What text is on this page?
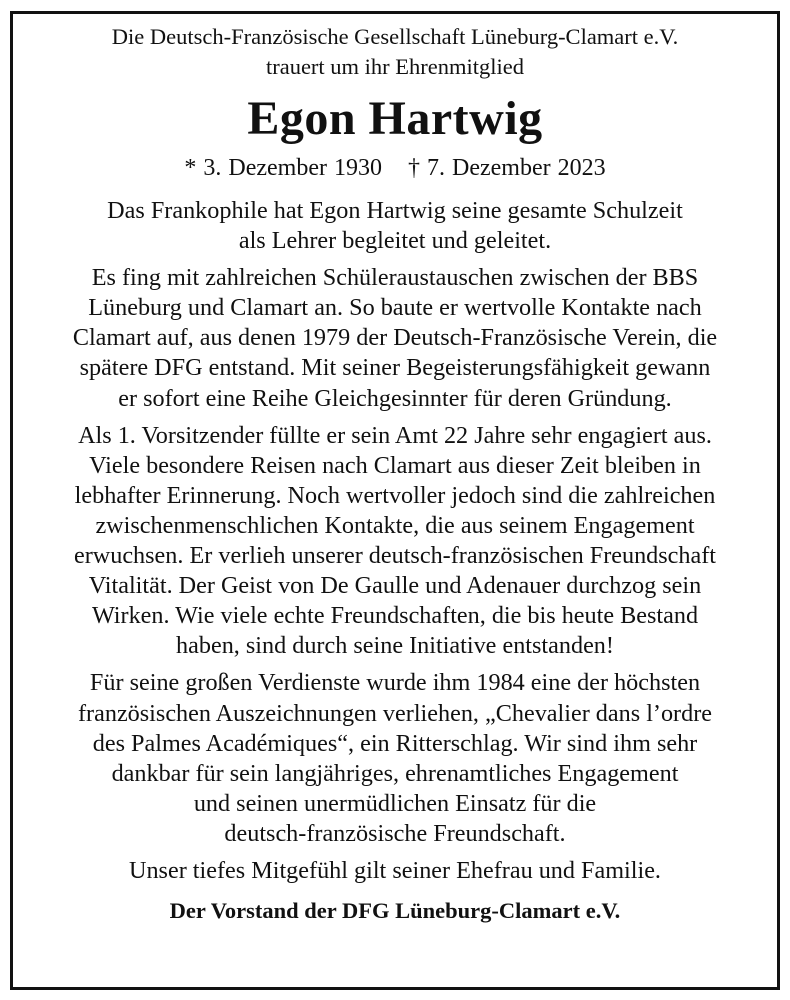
Die Deutsch-Französische Gesellschaft Lüneburg-Clamart e.V.

trauert um ihr Ehrenmitglied

Egon Hartwig

* 3. Dezember 1930 † 7. Dezember 2023

Das Frankophile hat Egon Hartwig seine gesamte Schulzeit
als Lehrer begleitet und geleitet.
Es fing mit zahlreichen Schüleraustauschen zwischen der BBS
Lüneburg und Clamart an. So baute er wertvolle Kontakte nach
Clamart auf, aus denen 1979 der Deutsch-Französische Verein, die
spätere DFG entstand. Mit seiner Begeisterungsfähigkeit gewann
er sofort eine Reihe Gleichgesinnter für deren Gründung.
Als 1. Vorsitzender füllte er sein Amt 22 Jahre sehr engagiert aus.
Viele besondere Reisen nach Clamart aus dieser Zeit bleiben in
lebhafter Erinnerung. Noch wertvoller jedoch sind die zahlreichen
zwischenmenschlichen Kontakte, die aus seinem Engagement
erwuchsen. Er verlieh unserer deutsch-französischen Freundschaft
Vitalität. Der Geist von De Gaulle und Adenauer durchzog sein
Wirken. Wie viele echte Freundschaften, die bis heute Bestand
haben, sind durch seine Initiative entstanden!
Für seine großen Verdienste wurde ihm 1984 eine der höchsten
französischen Auszeichnungen verliehen, „Chevalier dans l’ordre
des Palmes Académiques“, ein Ritterschlag. Wir sind ihm sehr
dankbar für sein langjähriges, ehrenamtliches Engagement
und seinen unermüdlichen Einsatz für die
deutsch-französische Freundschaft.

Unser tiefes Mitgefühl gilt seiner Ehefrau und Familie.

Der Vorstand der DFG Lüneburg-Clamart e.V.
